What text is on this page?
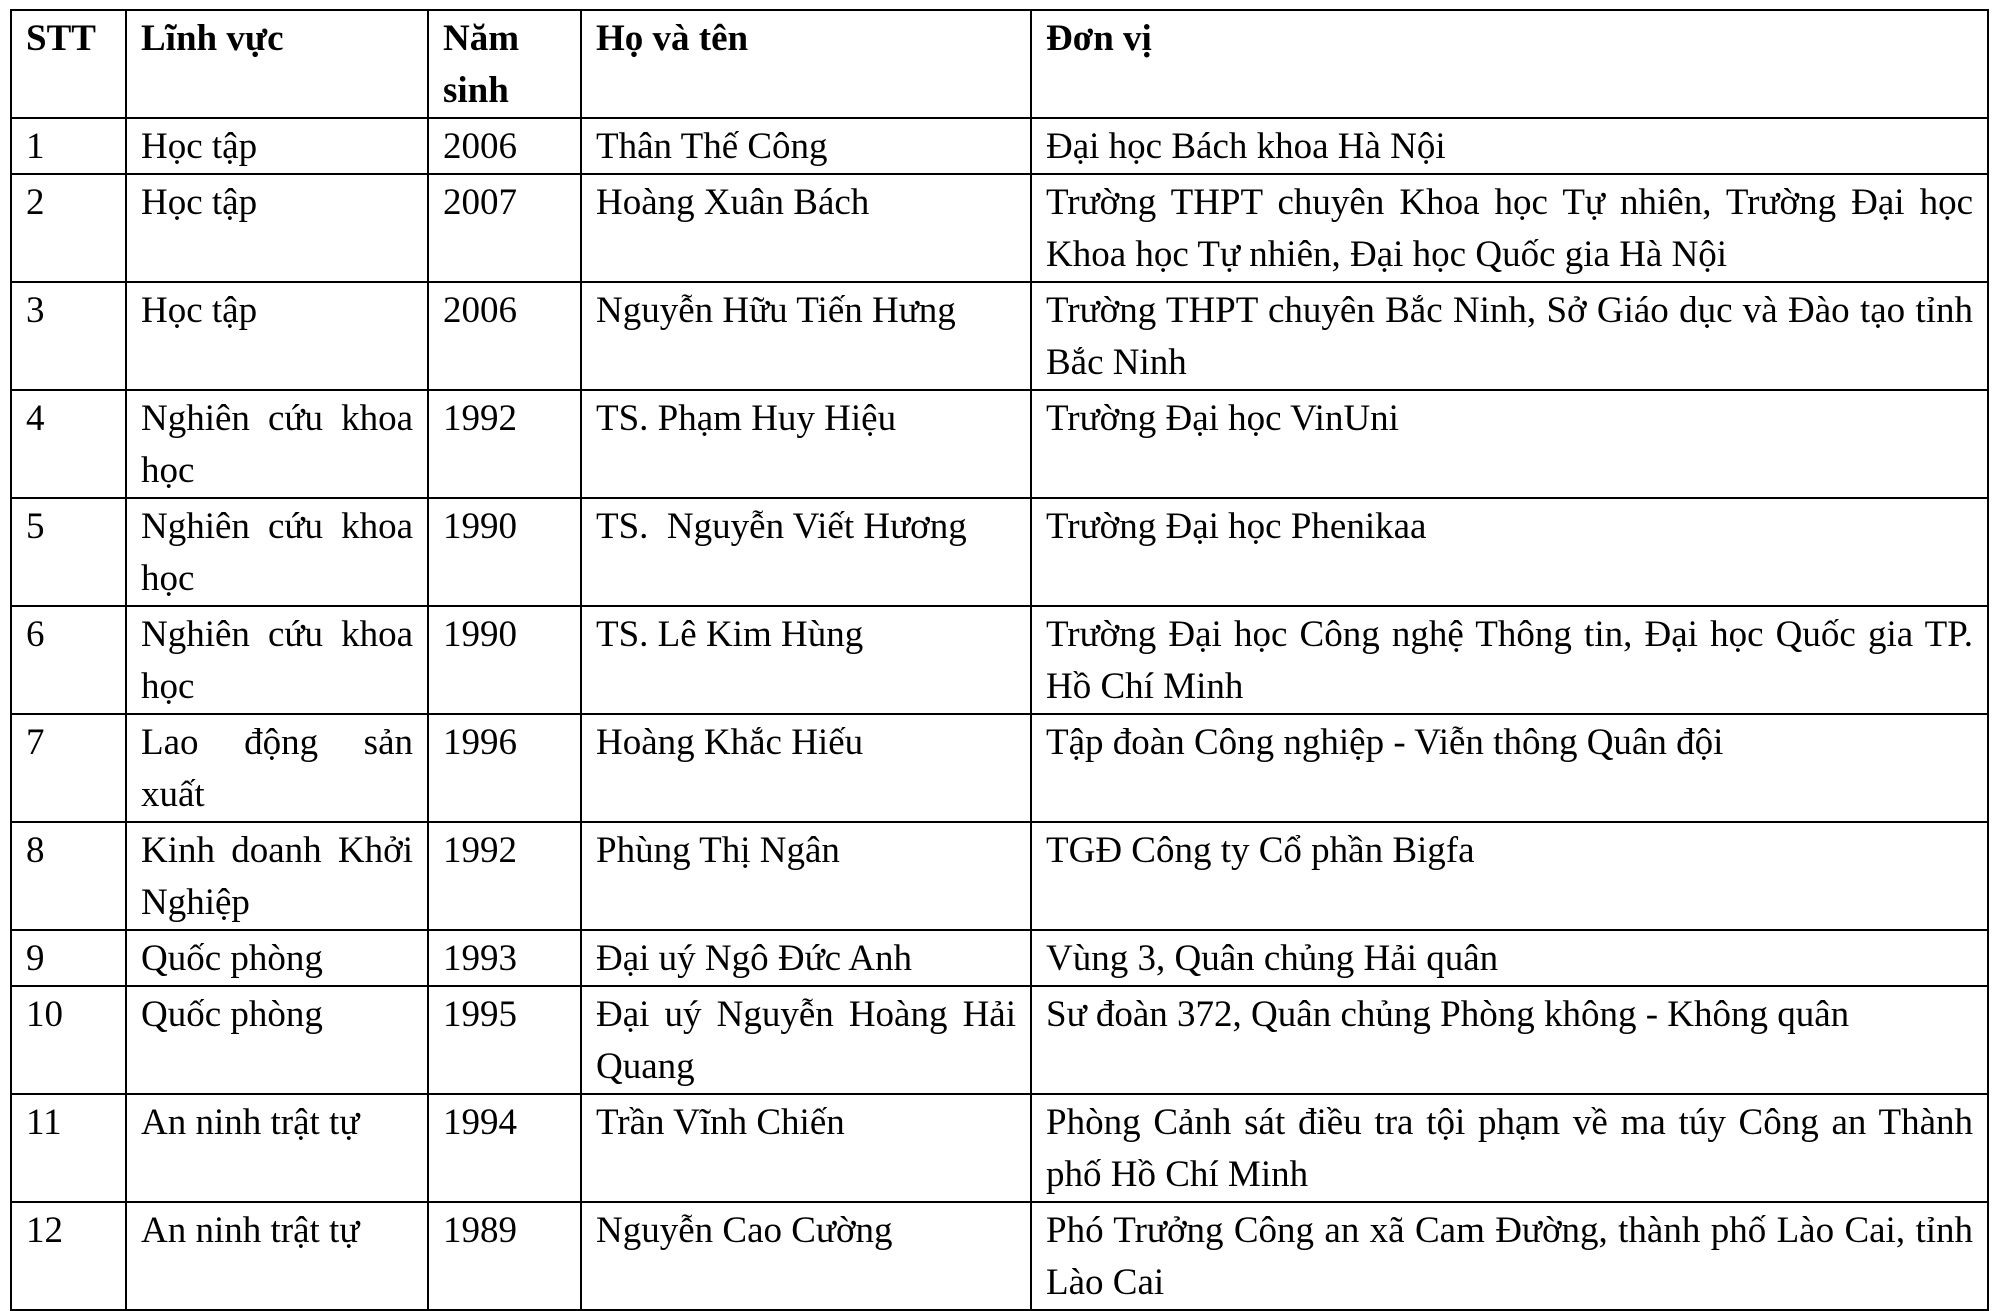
STT	Lĩnh vực	Năm sinh	Họ và tên	Đơn vị
1	Học tập	2006	Thân Thế Công	Đại học Bách khoa Hà Nội
2	Học tập	2007	Hoàng Xuân Bách	Trường THPT chuyên Khoa học Tự nhiên, Trường Đại học Khoa học Tự nhiên, Đại học Quốc gia Hà Nội
3	Học tập	2006	Nguyễn Hữu Tiến Hưng	Trường THPT chuyên Bắc Ninh, Sở Giáo dục và Đào tạo tỉnh Bắc Ninh
4	Nghiên cứu khoa học	1992	TS. Phạm Huy Hiệu	Trường Đại học VinUni
5	Nghiên cứu khoa học	1990	TS.  Nguyễn Viết Hương	Trường Đại học Phenikaa
6	Nghiên cứu khoa học	1990	TS. Lê Kim Hùng	Trường Đại học Công nghệ Thông tin, Đại học Quốc gia TP. Hồ Chí Minh
7	Lao động sản xuất	1996	Hoàng Khắc Hiếu	Tập đoàn Công nghiệp - Viễn thông Quân đội
8	Kinh doanh Khởi Nghiệp	1992	Phùng Thị Ngân	TGĐ Công ty Cổ phần Bigfa
9	Quốc phòng	1993	Đại uý Ngô Đức Anh	Vùng 3, Quân chủng Hải quân
10	Quốc phòng	1995	Đại uý Nguyễn Hoàng Hải Quang	Sư đoàn 372, Quân chủng Phòng không - Không quân
11	An ninh trật tự	1994	Trần Vĩnh Chiến	Phòng Cảnh sát điều tra tội phạm về ma túy Công an Thành phố Hồ Chí Minh
12	An ninh trật tự	1989	Nguyễn Cao Cường	Phó Trưởng Công an xã Cam Đường, thành phố Lào Cai, tỉnh Lào Cai
